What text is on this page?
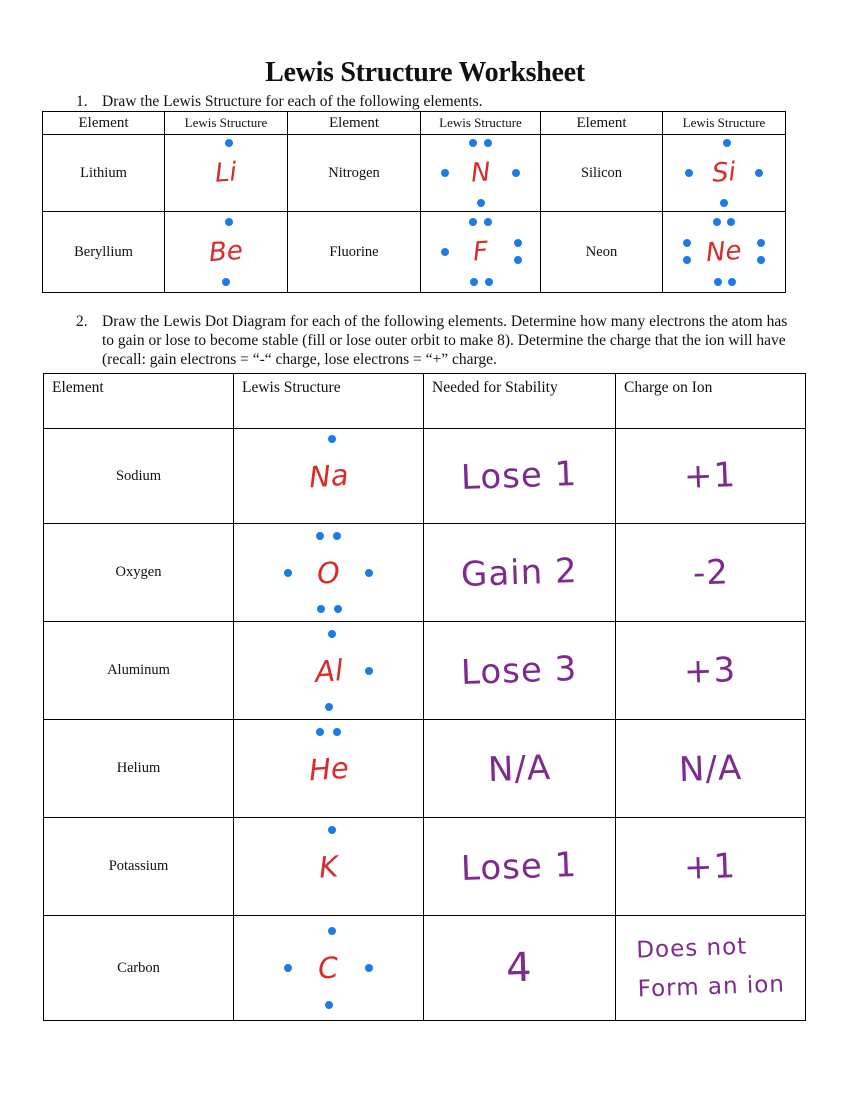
Lewis Structure Worksheet
1. Draw the Lewis Structure for each of the following elements.
Element	Lewis Structure	Element	Lewis Structure	Element	Lewis Structure
Lithium	Li	Nitrogen	N	Silicon	Si

Beryllium	Be	Fluorine	F	Neon	Ne
2. Draw the Lewis Dot Diagram for each of the following elements. Determine how many electrons the atom has to gain or lose to become stable (fill or lose outer orbit to make 8). Determine the charge that the ion will have (recall: gain electrons = “-“ charge, lose electrons = “+” charge.
Element	Lewis Structure	Needed for Stability	Charge on Ion
Sodium	Na	Lose 1	+1
Oxygen	O	Gain 2	-2
Aluminum	Al	Lose 3	+3
Helium	He	N/A	N/A
Potassium	K	Lose 1	+1
Carbon	C	4	Does not
Form an ion
